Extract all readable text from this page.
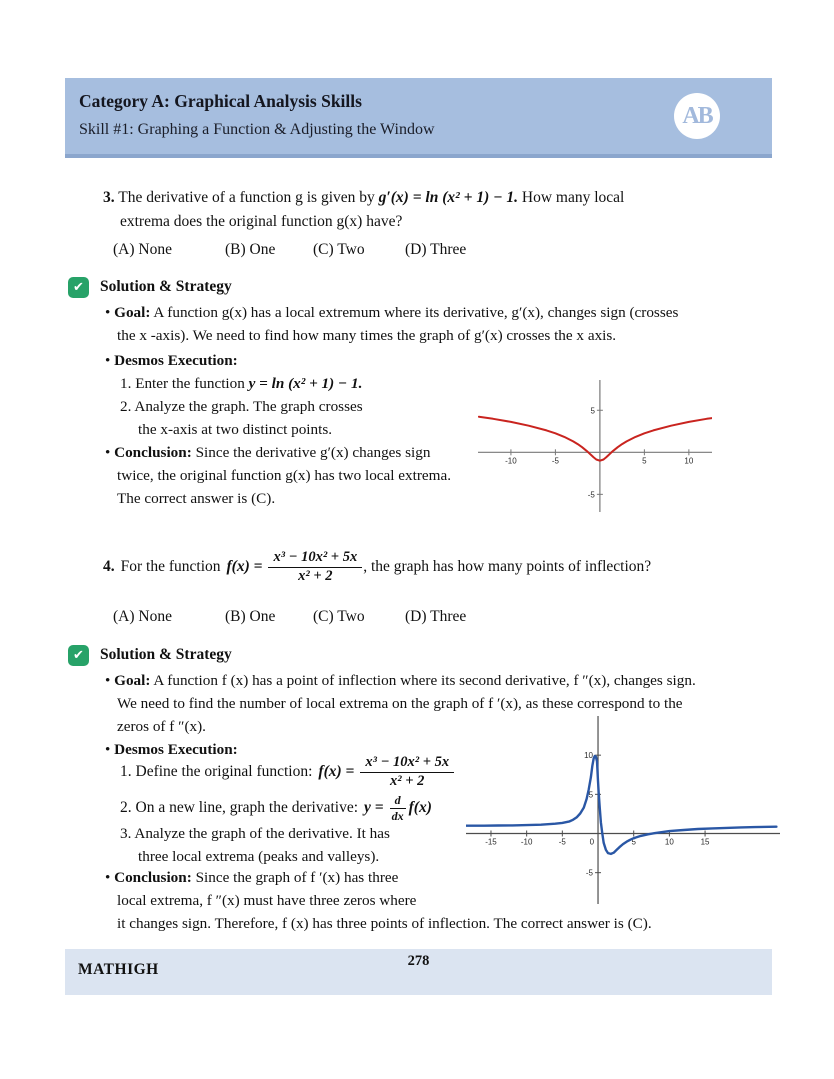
Category A: Graphical Analysis Skills
Skill #1: Graphing a Function & Adjusting the Window
AB
3. The derivative of a function g is given by g′(x) = ln (x² + 1) − 1. How many local
extrema does the original function g(x) have?
(A) None	(B) One (C) Two	(D) Three
✔	Solution & Strategy
• Goal: A function g(x) has a local extremum where its derivative, g′(x), changes sign (crosses
the x -axis). We need to find how many times the graph of g′(x) crosses the x axis.
• Desmos Execution:
1. Enter the function y = ln (x² + 1) − 1.
2. Analyze the graph. The graph crosses
the x-axis at two distinct points.
• Conclusion: Since the derivative g′(x) changes sign
twice, the original function g(x) has two local extrema.
The correct answer is (C).
-10	-5	5	10
5
-5
4. For the function $f(x) = \frac{\text{x³ − 10x² + 5x}}{\text{x² + 2}}$ , the graph has how many points of inflection?
(A) None	(B) One (C) Two	(D) Three
✔	Solution & Strategy
• Goal: A function f (x) has a point of inflection where its second derivative, f ″(x), changes sign.
We need to find the number of local extrema on the graph of f ′(x), as these correspond to the
zeros of f ″(x).
• Desmos Execution:
1. Define the original function: $f(x) = \frac{\text{x³ − 10x² + 5x}}{\text{x² + 2}}$
2. On a new line, graph the derivative: $y = \frac{d}{dx} f(x)$
3. Analyze the graph of the derivative. It has
three local extrema (peaks and valleys).
• Conclusion: Since the graph of f ′(x) has three
local extrema, f ″(x) must have three zeros where
it changes sign. Therefore, f (x) has three points of inflection. The correct answer is (C).
-15	-10	-5	0	5	10	15
10
5
-5
MATHIGH	278
